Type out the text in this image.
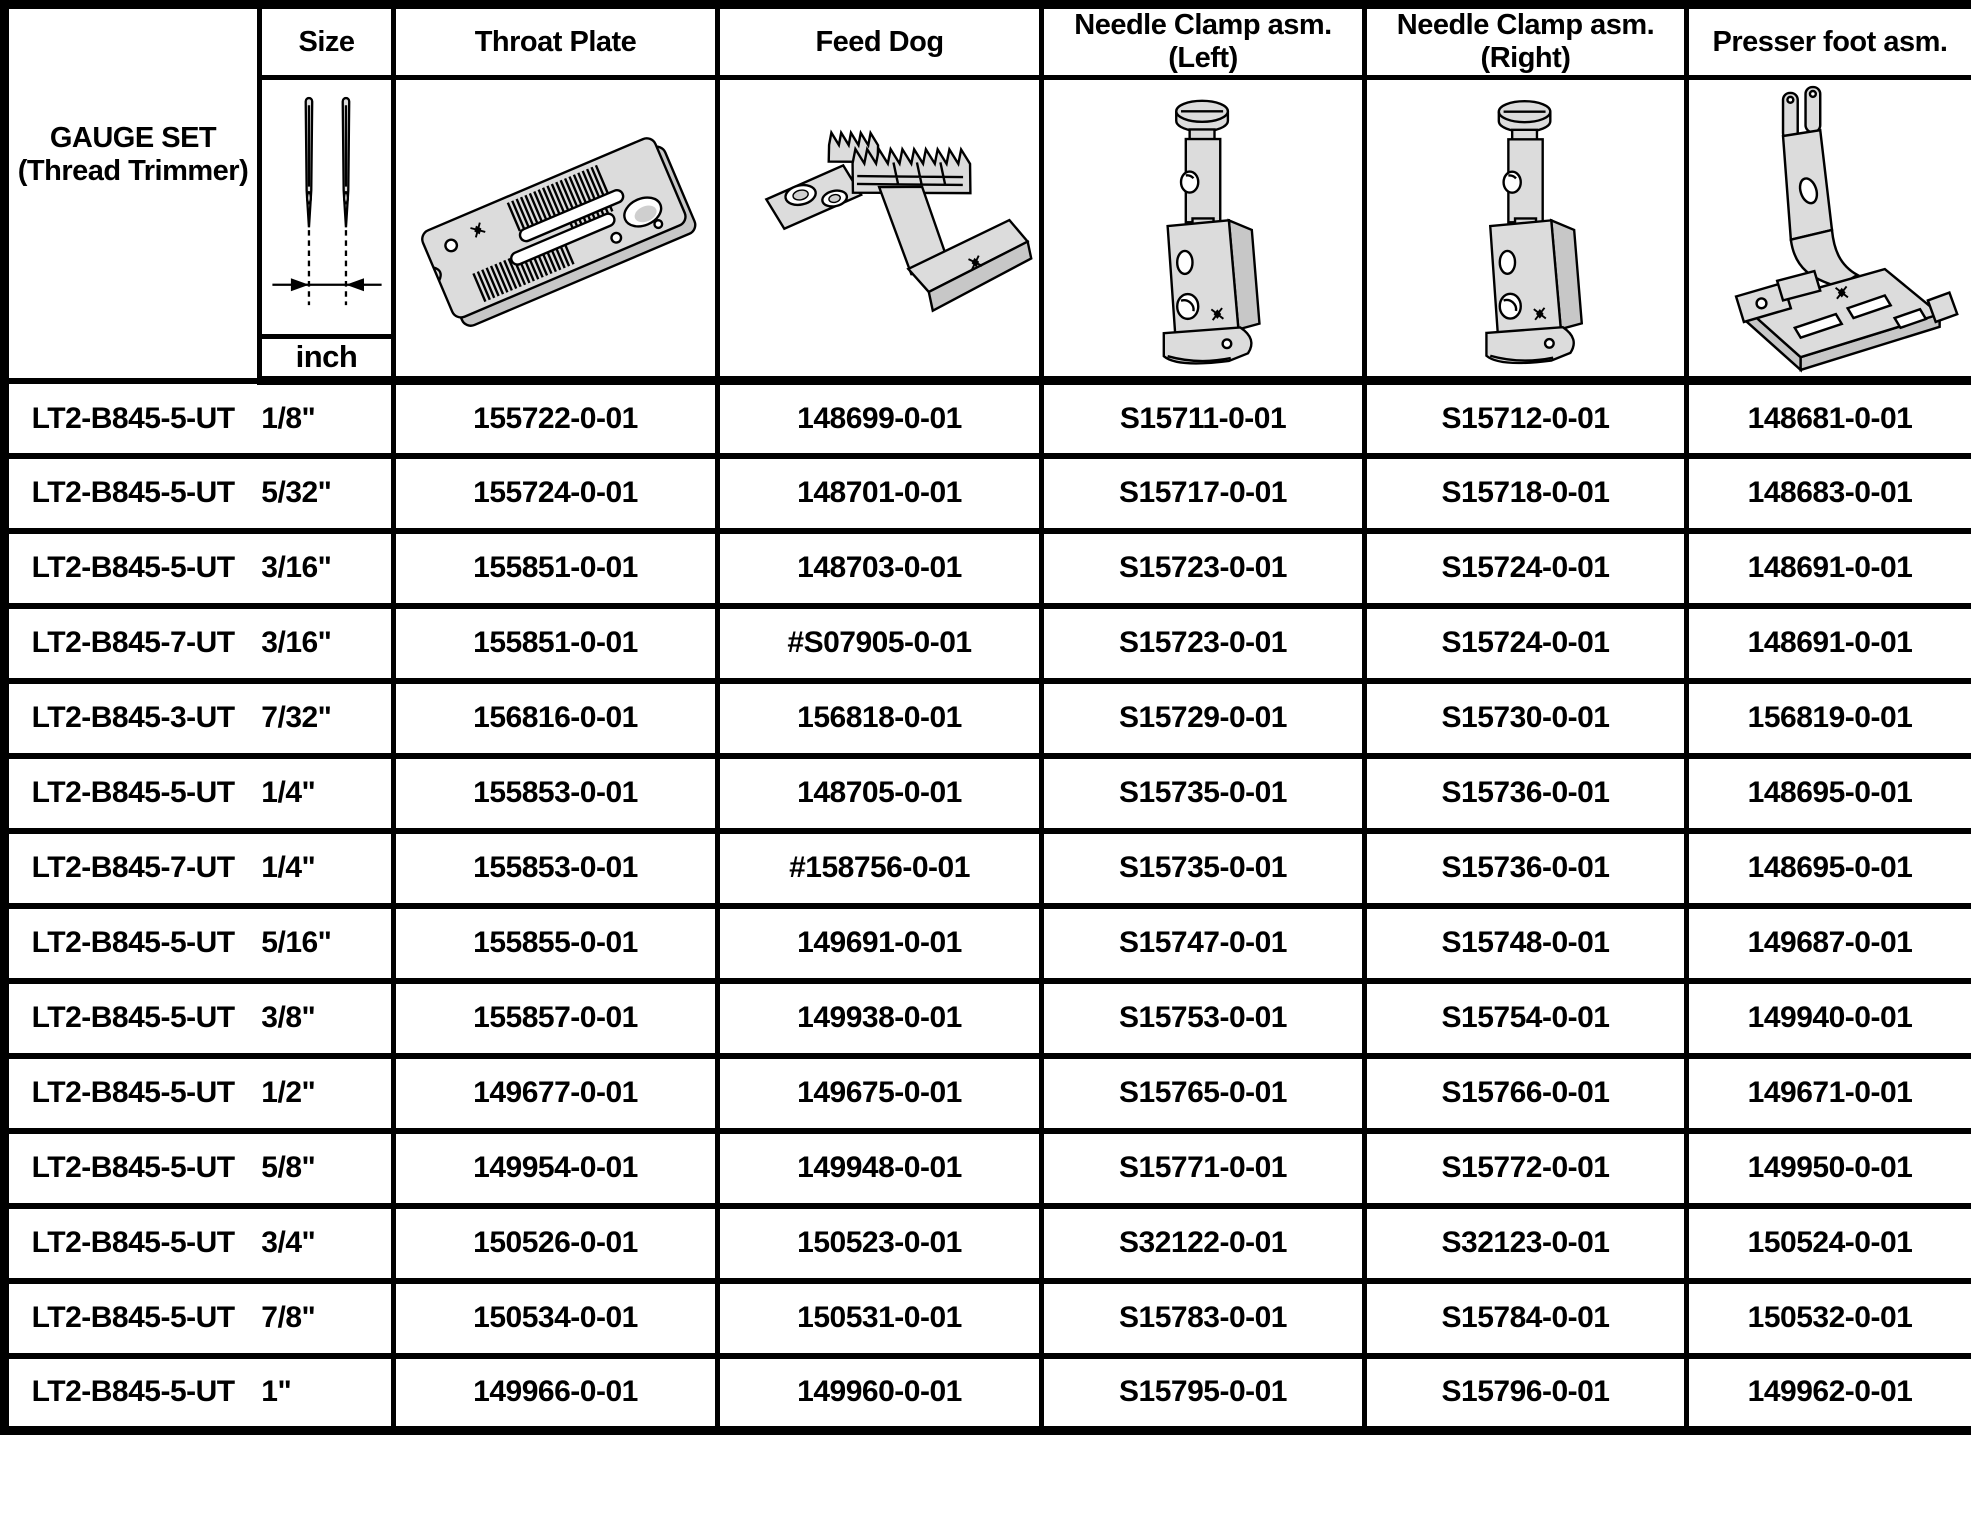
GAUGE SET
(Thread Trimmer)
	Size	Throat Plate	Feed Dog	
Needle Clamp asm.
(Left)

Needle Clamp asm.
(Right)
	Presser foot asm.

	inch					

LT2-B845-5-UT 1/8"		155722-0-01	148699-0-01	S15711-0-01	S15712-0-01	148681-0-01

LT2-B845-5-UT 5/32"		155724-0-01	148701-0-01	S15717-0-01	S15718-0-01	148683-0-01

LT2-B845-5-UT 3/16"		155851-0-01	148703-0-01	S15723-0-01	S15724-0-01	148691-0-01

LT2-B845-7-UT 3/16"		155851-0-01	#S07905-0-01	S15723-0-01	S15724-0-01	148691-0-01

LT2-B845-3-UT 7/32"		156816-0-01	156818-0-01	S15729-0-01	S15730-0-01	156819-0-01

LT2-B845-5-UT 1/4"		155853-0-01	148705-0-01	S15735-0-01	S15736-0-01	148695-0-01

LT2-B845-7-UT 1/4"		155853-0-01	#158756-0-01	S15735-0-01	S15736-0-01	148695-0-01

LT2-B845-5-UT 5/16"		155855-0-01	149691-0-01	S15747-0-01	S15748-0-01	149687-0-01

LT2-B845-5-UT 3/8"		155857-0-01	149938-0-01	S15753-0-01	S15754-0-01	149940-0-01

LT2-B845-5-UT 1/2"		149677-0-01	149675-0-01	S15765-0-01	S15766-0-01	149671-0-01

LT2-B845-5-UT 5/8"		149954-0-01	149948-0-01	S15771-0-01	S15772-0-01	149950-0-01

LT2-B845-5-UT 3/4"		150526-0-01	150523-0-01	S32122-0-01	S32123-0-01	150524-0-01

LT2-B845-5-UT 7/8"		150534-0-01	150531-0-01	S15783-0-01	S15784-0-01	150532-0-01

LT2-B845-5-UT 1"		149966-0-01	149960-0-01	S15795-0-01	S15796-0-01	149962-0-01
